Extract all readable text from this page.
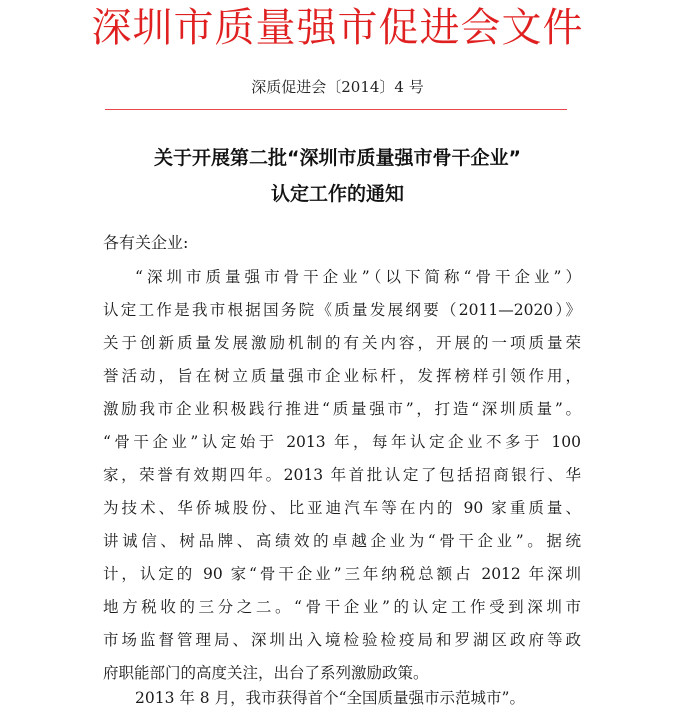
深圳市质量强市促进会文件
深质促进会〔2014〕4 号
关于开展第二批“深圳市质量强市骨干企业”
认定工作的通知
各有关企业:
“深圳市质量强市骨干企业”（以下简称“骨干企业”）
认定工作是我市根据国务院《质量发展纲要（2011—2020）》
关于创新质量发展激励机制的有关内容，开展的一项质量荣
誉活动，旨在树立质量强市企业标杆，发挥榜样引领作用，
激励我市企业积极践行推进“质量强市”，打造“深圳质量”。
“骨干企业”认定始于 2013 年，每年认定企业不多于 100
家，荣誉有效期四年。2013 年首批认定了包括招商银行、华
为技术、华侨城股份、比亚迪汽车等在内的 90 家重质量、
讲诚信、树品牌、高绩效的卓越企业为“骨干企业”。据统
计，认定的 90 家“骨干企业”三年纳税总额占 2012 年深圳
地方税收的三分之二。“骨干企业”的认定工作受到深圳市
市场监督管理局、深圳出入境检验检疫局和罗湖区政府等政
府职能部门的高度关注，出台了系列激励政策。
2013 年 8 月，我市获得首个“全国质量强市示范城市”。
